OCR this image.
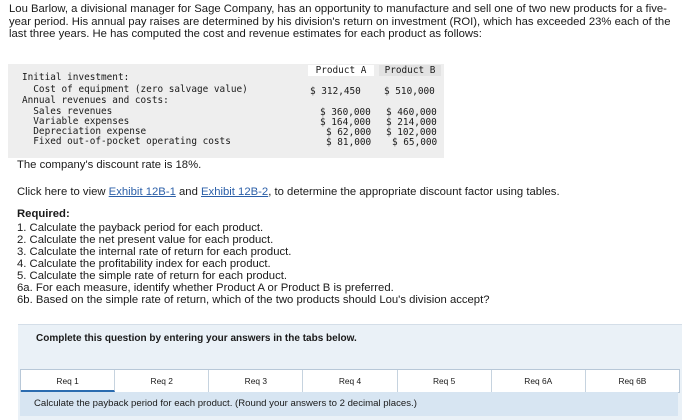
Lou Barlow, a divisional manager for Sage Company, has an opportunity to manufacture and sell one of two new products for a five-
year period. His annual pay raises are determined by his division's return on investment (ROI), which has exceeded 23% each of the
last three years. He has computed the cost and revenue estimates for each product as follows:
Product A	Product B
Initial investment:
Cost of equipment (zero salvage value)	$ 312,450 $ 510,000
Annual revenues and costs:
Sales revenues	$ 360,000 $ 460,000
Variable expenses	$ 164,000 $ 214,000
Depreciation expense	$ 62,000 $ 102,000
Fixed out-of-pocket operating costs	$ 81,000 $ 65,000
The company's discount rate is 18%.
Click here to view Exhibit 12B-1 and Exhibit 12B-2, to determine the appropriate discount factor using tables.
Required:
1. Calculate the payback period for each product.
2. Calculate the net present value for each product.
3. Calculate the internal rate of return for each product.
4. Calculate the profitability index for each product.
5. Calculate the simple rate of return for each product.
6a. For each measure, identify whether Product A or Product B is preferred.
6b. Based on the simple rate of return, which of the two products should Lou's division accept?
Complete this question by entering your answers in the tabs below.
Req 1	Req 2	Req 3	Req 4	Req 5	Req 6A	Req 6B
Calculate the payback period for each product. (Round your answers to 2 decimal places.)
